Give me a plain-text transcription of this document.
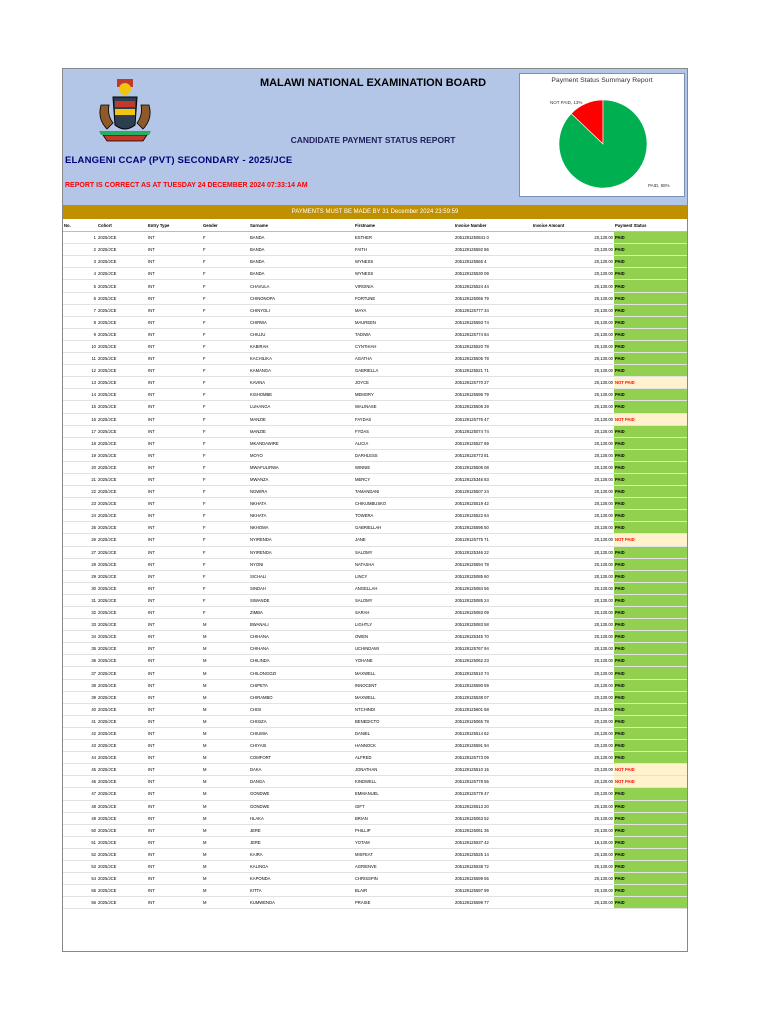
MALAWI NATIONAL EXAMINATION BOARD
CANDIDATE PAYMENT STATUS REPORT
ELANGENI CCAP (PVT) SECONDARY - 2025/JCE
REPORT IS CORRECT AS AT TUESDAY 24 DECEMBER 2024 07:33:14 AM
NOT PAID, 13%
PAID, 88%
Payment Status Summary Report
PAYMENTS MUST BE MADE BY 31 December 2024 23:59:59
No.	Cohort	Entry Type	Gender	Surname	Firstname	Invoice Number	Invoice Amount	Payment Status
1	2025/JCE	INT	F	BANDA	ESTHER	2051291250841 0	20,130.00	PAID
2	2025/JCE	INT	F	BANDA	FAITH	205129125592 86	20,130.00	PAID
3	2025/JCE	INT	F	BANDA	WYNESS	205129125565 4	20,130.00	PAID
4	2025/JCE	INT	F	BANDA	WYNESS	205129125530 09	20,130.00	PAID
5	2025/JCE	INT	F	CHAVULA	VIRGINIA	205129125524 44	20,130.00	PAID
6	2025/JCE	INT	F	CHINONOPA	FORTUNE	205129125066 79	20,130.00	PAID
7	2025/JCE	INT	F	CHINYOLI	MAYA	205129125777 34	20,130.00	PAID
8	2025/JCE	INT	F	CHIRWA	MAUREEN	205129125593 74	20,130.00	PAID
9	2025/JCE	INT	F	CHIUJU	TADIWA	205129125774 84	20,130.00	PAID
10	2025/JCE	INT	F	KABIRAH	CYNTHIAH	205129125520 78	20,130.00	PAID
11	2025/JCE	INT	F	KACHILIKA	AGATHA	205129125505 78	20,130.00	PAID
12	2025/JCE	INT	F	KAMANGA	GABRIELLA	205129125521 71	20,130.00	PAID
13	2025/JCE	INT	F	KAVINA	JOYCE	205129125770 27	20,130.00	NOT PAID
14	2025/JCE	INT	F	KISHOMBE	MEMORY	205129125596 79	20,130.00	PAID
15	2025/JCE	INT	F	LUHANGA	WALINASE	205129125506 29	20,130.00	PAID
16	2025/JCE	INT	F	MANZIE	FAYDAS	205129125776 47	20,130.00	NOT PAID
17	2025/JCE	INT	F	MANZIE	FYDAS	205129125074 74	20,130.00	PAID
18	2025/JCE	INT	F	MKANDAWIRE	ALICIA	205129125527 69	20,130.00	PAID
19	2025/JCE	INT	F	MOYO	DARHLESS	205129125773 81	20,130.00	PAID
20	2025/JCE	INT	F	MWAFULIRWA	WINNIE	205129125506 08	20,130.00	PAID
21	2025/JCE	INT	F	MWANZA	MERCY	205129125346 83	20,130.00	PAID
22	2025/JCE	INT	F	NGWIRA	TAMANDANI	205129125507 24	20,130.00	PAID
23	2025/JCE	INT	F	NKHATA	CHIKUMBUSKO	205129125519 42	20,130.00	PAID
24	2025/JCE	INT	F	NKHATA	TOWERA	205129125522 64	20,130.00	PAID
25	2025/JCE	INT	F	NKHOMA	GABRIELLAH	205129125595 50	20,130.00	PAID
26	2025/JCE	INT	F	NYIRENDA	JANE	205129125775 71	20,130.00	NOT PAID
27	2025/JCE	INT	F	NYIRENDA	SALOMY	205129125346 22	20,130.00	PAID
28	2025/JCE	INT	F	NYONI	NATASHA	205129125594 78	20,130.00	PAID
29	2025/JCE	INT	F	SICHALI	LINCY	205129125085 60	20,130.00	PAID
30	2025/JCE	INT	F	SINDAH	ANGELLAH	205129125084 56	20,130.00	PAID
31	2025/JCE	INT	F	SIWANDE	SALOMY	205129125085 24	20,130.00	PAID
32	2025/JCE	INT	F	ZIMBA	SARAH	205129125083 09	20,130.00	PAID
33	2025/JCE	INT	M	BWANALI	LIGHTLY	205129125083 58	20,130.00	PAID
34	2025/JCE	INT	M	CHIHANA	OWEN	205129125345 70	20,130.00	PAID
35	2025/JCE	INT	M	CHIHANA	UCHINDAMI	205129125767 94	20,130.00	PAID
36	2025/JCE	INT	M	CHILINDA	YOHANE	205129125062 23	20,130.00	PAID
37	2025/JCE	INT	M	CHILONGOZI	MAXWELL	205129125510 74	20,130.00	PAID
38	2025/JCE	INT	M	CHIPETA	INNOCENT	205129125590 59	20,130.00	PAID
39	2025/JCE	INT	M	CHIRAMBO	MAXWELL	205129125538 07	20,130.00	PAID
40	2025/JCE	INT	M	CHISI	NTCHINDI	205129125601 58	20,130.00	PAID
41	2025/JCE	INT	M	CHISIZA	BENEDICTO	205129125065 78	20,130.00	PAID
42	2025/JCE	INT	M	CHIUMIA	DANIEL	205129125514 62	20,130.00	PAID
43	2025/JCE	INT	M	CHIYASI	HANNOCK	205129125591 94	20,130.00	PAID
44	2025/JCE	INT	M	COMFORT	ALFRED	205129125773 09	20,130.00	PAID
45	2025/JCE	INT	M	DAKA	JONATHAN	205129125510 15	20,130.00	NOT PAID
46	2025/JCE	INT	M	DANGA	KINDWELL	205129125778 55	20,130.00	NOT PAID
47	2025/JCE	INT	M	GONDWE	EMMANUEL	205129125779 47	20,130.00	PAID
48	2025/JCE	INT	M	GONDWE	GIFT	205129125513 20	20,130.00	PAID
49	2025/JCE	INT	M	HLAKA	BRIAN	205129125063 52	20,130.00	PAID
50	2025/JCE	INT	M	JERE	PHILLIP	205129125061 35	20,130.00	PAID
51	2025/JCE	INT	M	JERE	YOTAM	205129125537 42	18,130.00	PAID
52	2025/JCE	INT	M	KAIRA	MISFEAT	205129125525 14	20,130.00	PAID
53	2025/JCE	INT	M	KALINGA	AGRIENVE	205129125538 72	20,130.00	PAID
54	2025/JCE	INT	M	KAPONDA	CHRISSPIN	205129125599 55	20,130.00	PAID
55	2025/JCE	INT	M	KITTA	BLAIR	205129125597 99	20,130.00	PAID
56	2025/JCE	INT	M	KUMWENDA	PRAISE	205129125599 77	20,130.00	PAID
